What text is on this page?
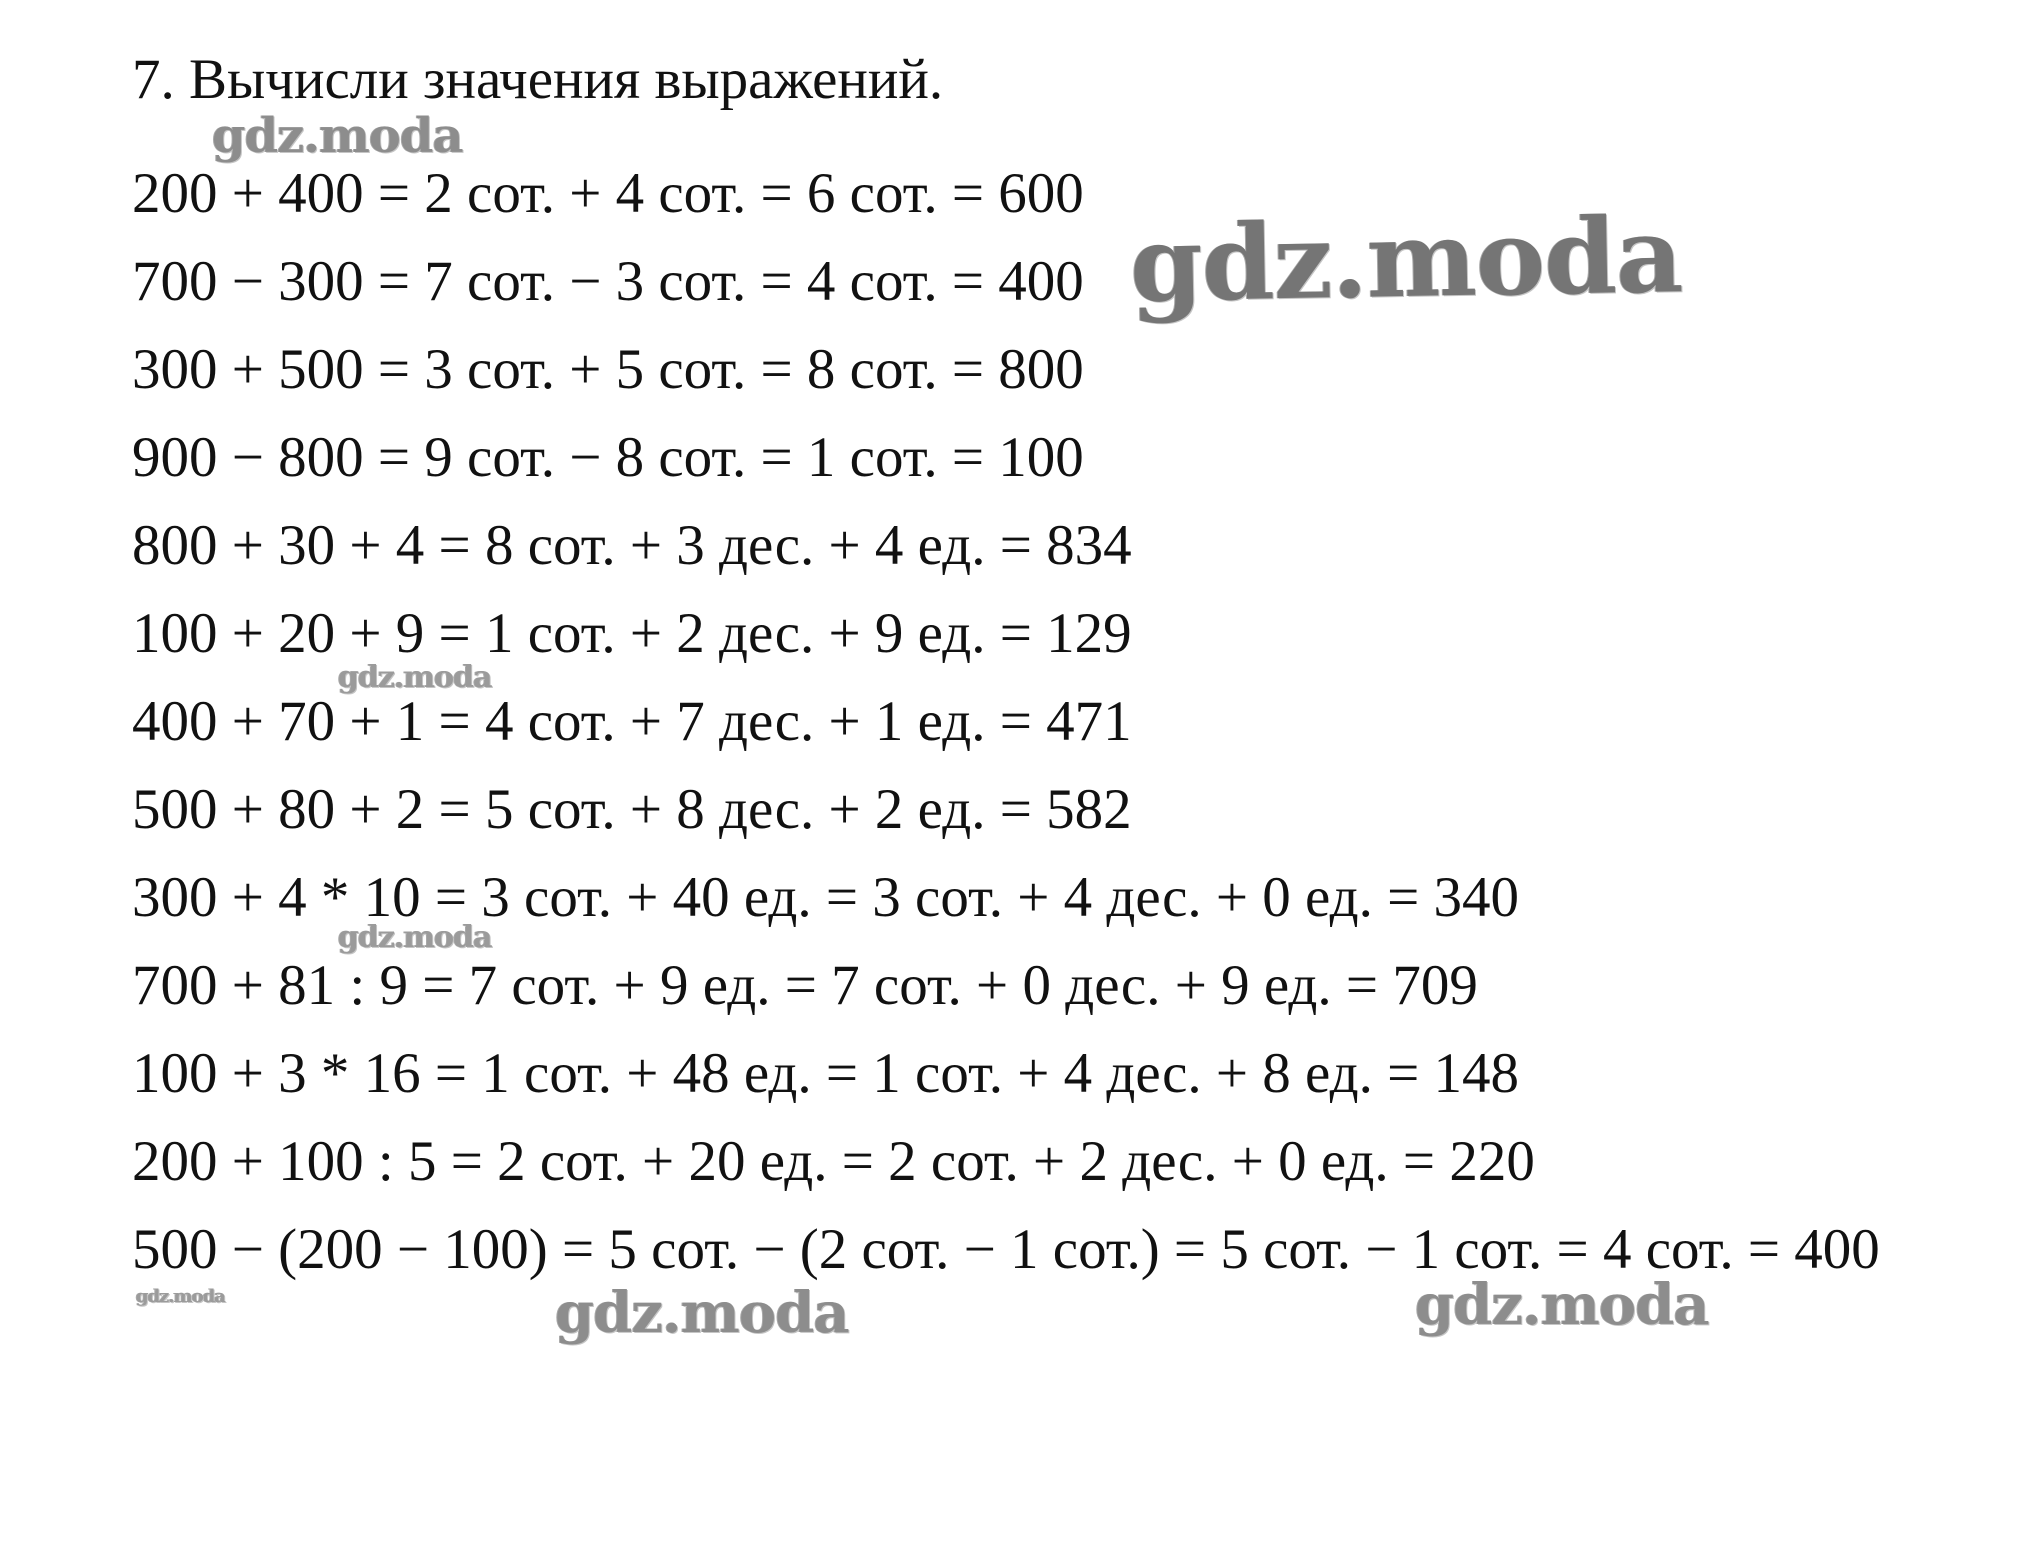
7. Вычисли значения выражений.
200 + 400 = 2 сот. + 4 сот. = 6 сот. = 600
700 − 300 = 7 сот. − 3 сот. = 4 сот. = 400
300 + 500 = 3 сот. + 5 сот. = 8 сот. = 800
900 − 800 = 9 сот. − 8 сот. = 1 сот. = 100
800 + 30 + 4 = 8 сот. + 3 дес. + 4 ед. = 834
100 + 20 + 9 = 1 сот. + 2 дес. + 9 ед. = 129
400 + 70 + 1 = 4 сот. + 7 дес. + 1 ед. = 471
500 + 80 + 2 = 5 сот. + 8 дес. + 2 ед. = 582
300 + 4 * 10 = 3 сот. + 40 ед. = 3 сот. + 4 дес. + 0 ед. = 340
700 + 81 : 9 = 7 сот. + 9 ед. = 7 сот. + 0 дес. + 9 ед. = 709
100 + 3 * 16 = 1 сот. + 48 ед. = 1 сот. + 4 дес. + 8 ед. = 148
200 + 100 : 5 = 2 сот. + 20 ед. = 2 сот. + 2 дес. + 0 ед. = 220
500 − (200 − 100) = 5 сот. − (2 сот. − 1 сот.) = 5 сот. − 1 сот. = 4 сот. = 400
gdz.moda
gdz.moda
gdz.moda
gdz.moda
gdz.moda	gdz.moda	gdz.moda
